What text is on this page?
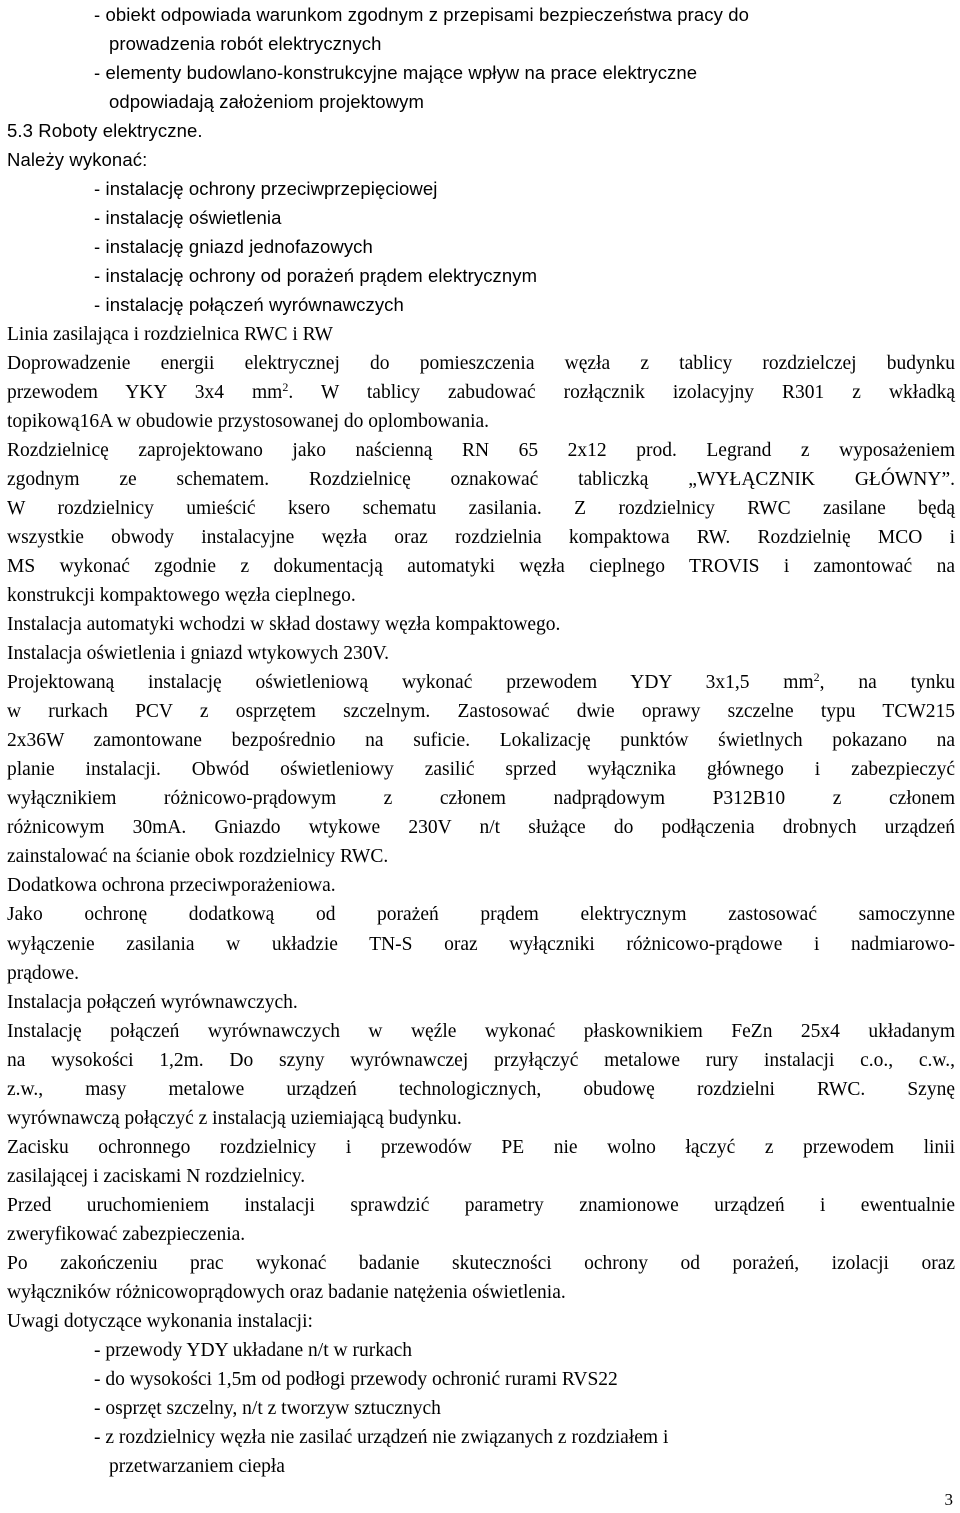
- obiekt odpowiada warunkom zgodnym z przepisami bezpieczeństwa pracy do
prowadzenia robót elektrycznych
- elementy budowlano-konstrukcyjne mające wpływ na prace elektryczne
odpowiadają założeniom projektowym
5.3 Roboty elektryczne.
Należy wykonać:
- instalację ochrony przeciwprzepięciowej
- instalację oświetlenia
- instalację gniazd jednofazowych
- instalację ochrony od porażeń prądem elektrycznym
- instalację połączeń wyrównawczych
Linia zasilająca i rozdzielnica RWC i RW
Doprowadzenie energii elektrycznej do pomieszczenia węzła z tablicy rozdzielczej budynku
przewodem YKY 3x4 $mm^2$. W tablicy zabudować rozłącznik izolacyjny R301 z wkładką
topikową16A w obudowie przystosowanej do oplombowania.
Rozdzielnicę zaprojektowano jako naścienną RN 65 2x12 prod. Legrand z wyposażeniem
zgodnym ze schematem. Rozdzielnicę oznakować tabliczką „WYŁĄCZNIK GŁÓWNY”.
W rozdzielnicy umieścić ksero schematu zasilania. Z rozdzielnicy RWC zasilane będą
wszystkie obwody instalacyjne węzła oraz rozdzielnia kompaktowa RW. Rozdzielnię MCO i
MS wykonać zgodnie z dokumentacją automatyki węzła cieplnego TROVIS i zamontować na
konstrukcji kompaktowego węzła cieplnego.
Instalacja automatyki wchodzi w skład dostawy węzła kompaktowego.
Instalacja oświetlenia i gniazd wtykowych 230V.
Projektowaną instalację oświetleniową wykonać przewodem YDY 3x1,5 $mm^2$, na tynku
w rurkach PCV z osprzętem szczelnym. Zastosować dwie oprawy szczelne typu TCW215
2x36W zamontowane bezpośrednio na suficie. Lokalizację punktów świetlnych pokazano na
planie instalacji. Obwód oświetleniowy zasilić sprzed wyłącznika głównego i zabezpieczyć
wyłącznikiem różnicowo-prądowym z członem nadprądowym P312B10 z członem
różnicowym 30mA. Gniazdo wtykowe 230V n/t służące do podłączenia drobnych urządzeń
zainstalować na ścianie obok rozdzielnicy RWC.
Dodatkowa ochrona przeciwporażeniowa.
Jako ochronę dodatkową od porażeń prądem elektrycznym zastosować samoczynne
wyłączenie zasilania w układzie TN-S oraz wyłączniki różnicowo-prądowe i nadmiarowo-
prądowe.
Instalacja połączeń wyrównawczych.
Instalację połączeń wyrównawczych w węźle wykonać płaskownikiem FeZn 25x4 układanym
na wysokości 1,2m. Do szyny wyrównawczej przyłączyć metalowe rury instalacji c.o., c.w.,
z.w., masy metalowe urządzeń technologicznych, obudowę rozdzielni RWC. Szynę
wyrównawczą połączyć z instalacją uziemiającą budynku.
Zacisku ochronnego rozdzielnicy i przewodów PE nie wolno łączyć z przewodem linii
zasilającej i zaciskami N rozdzielnicy.
Przed uruchomieniem instalacji sprawdzić parametry znamionowe urządzeń i ewentualnie
zweryfikować zabezpieczenia.
Po zakończeniu prac wykonać badanie skuteczności ochrony od porażeń, izolacji oraz
wyłączników różnicowoprądowych oraz badanie natężenia oświetlenia.
Uwagi dotyczące wykonania instalacji:
- przewody YDY układane n/t w rurkach
- do wysokości 1,5m od podłogi przewody ochronić rurami RVS22
- osprzęt szczelny, n/t z tworzyw sztucznych
- z rozdzielnicy węzła nie zasilać urządzeń nie związanych z rozdziałem i
przetwarzaniem ciepła
3
